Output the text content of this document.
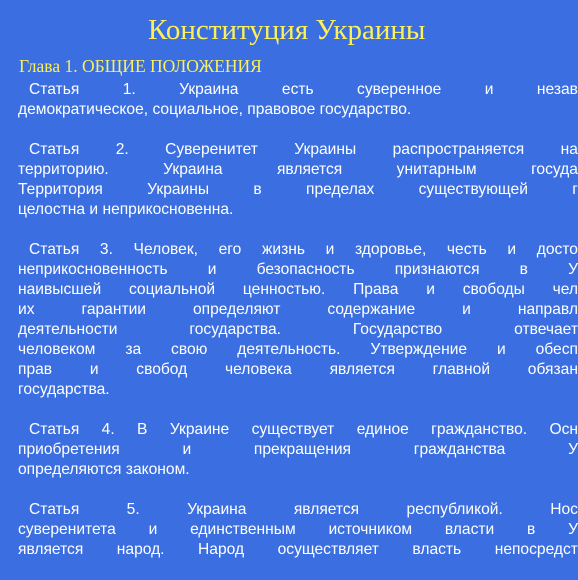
Конституция Украины
Глава 1. ОБЩИЕ ПОЛОЖЕНИЯ
Статья	1.	Украина	есть	суверенное	и	незав
демократическое, социальное, правовое государство.
Статья 2. Суверенитет Украины распространяется на
территорию.	Украина	является	унитарным	госуда
Территория	Украины	в	пределах	существующей	г
целостна и неприкосновенна.
Статья 3. Человек, его жизнь и здоровье, честь и досто
неприкосновенность	и	безопасность	признаются	в	У
наивысшей социальной ценностью. Права и свободы чел
их	гарантии	определяют	содержание	и	направл
деятельности	государства.	Государство	отвечает
человеком за свою деятельность. Утверждение и обесп
прав и свобод человека является главной обязан
государства.
Статья 4. В Украине существует единое гражданство. Осн
приобретения	и	прекращения	гражданства	У
определяются законом.
Статья	5.	Украина	является	республикой.	Нос
суверенитета и единственным источником власти в У
является народ. Народ осуществляет власть непосредст
